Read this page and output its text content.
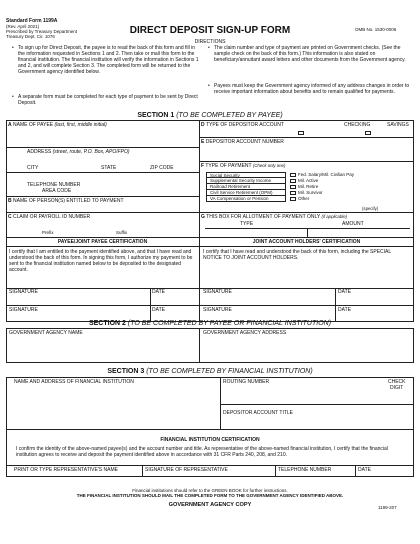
Standard Form 1199A
(Rev. April 2021)
Prescribed by Treasury Department
Treasury Dept. Cir. 1076
DIRECT DEPOSIT SIGN-UP FORM	OMB No. 1530-0006
DIRECTIONS
• To sign up for Direct Deposit, the payee is to read the back of this form and fill in the information requested in Sections 1 and 2. Then take or mail this form to the financial institution. The financial institution will verify the information in Sections 1 and 2, and will complete Section 3. The completed form will be returned to the Government agency identified below.
• A separate form must be completed for each type of payment to be sent by Direct Deposit.
• The claim number and type of payment are printed on Government checks. (See the sample check on the back of this form.) This information is also stated on beneficiary/annuitant award letters and other documents from the Government agency.
• Payees must keep the Government agency informed of any address changes in order to receive important information about benefits and to remain qualified for payments.
SECTION 1 (TO BE COMPLETED BY PAYEE)
A NAME OF PAYEE (last, first, middle initial)
ADDRESS (street, route, P.O. Box, APO/FPO)
CITY	STATE	ZIP CODE
TELEPHONE NUMBER
AREA CODE
B NAME OF PERSON(S) ENTITLED TO PAYMENT
C CLAIM OR PAYROLL ID NUMBER
Prefix	Suffix
D TYPE OF DEPOSITOR ACCOUNT	CHECKING	SAVINGS
E DEPOSITOR ACCOUNT NUMBER
F TYPE OF PAYMENT (Check only one)
Social Security
Supplemental Security Income
Railroad Retirement
Civil Service Retirement (OPM)
VA Compensation or Pension
Fed. Salary/Mil. Civilian Pay
Mil. Active
Mil. Retire
Mil. Survivor
Other
(specify)
G THIS BOX FOR ALLOTMENT OF PAYMENT ONLY (if applicable)
TYPE	AMOUNT
PAYEE/JOINT PAYEE CERTIFICATION	JOINT ACCOUNT HOLDERS' CERTIFICATION
I certify that I am entitled to the payment identified above, and that I have read and understood the back of this form. In signing this form, I authorize my payment to be sent to the financial institution named below to be deposited to the designated account.
I certify that I have read and understood the back of this form, including the SPECIAL NOTICE TO JOINT ACCOUNT HOLDERS.
SIGNATURE	DATE	SIGNATURE	DATE
SIGNATURE	DATE	SIGNATURE	DATE
SECTION 2 (TO BE COMPLETED BY PAYEE OR FINANCIAL INSTITUTION)
GOVERNMENT AGENCY NAME	GOVERNMENT AGENCY ADDRESS
SECTION 3 (TO BE COMPLETED BY FINANCIAL INSTITUTION)
NAME AND ADDRESS OF FINANCIAL INSTITUTION	ROUTING NUMBER	CHECK
DIGIT
DEPOSITOR ACCOUNT TITLE
FINANCIAL INSTITUTION CERTIFICATION
I confirm the identity of the above-named payee(s) and the account number and title. As representative of the above-named financial institution, I certify that the financial institution agrees to receive and deposit the payment identified above in accordance with 31 CFR Parts 240, 208, and 210.
PRINT OR TYPE REPRESENTATIVE'S NAME	SIGNATURE OF REPRESENTATIVE	TELEPHONE NUMBER	DATE
Financial institutions should refer to the GREEN BOOK for further instructions.
THE FINANCIAL INSTITUTION SHOULD MAIL THE COMPLETED FORM TO THE GOVERNMENT AGENCY IDENTIFIED ABOVE.
GOVERNMENT AGENCY COPY	1199-207
